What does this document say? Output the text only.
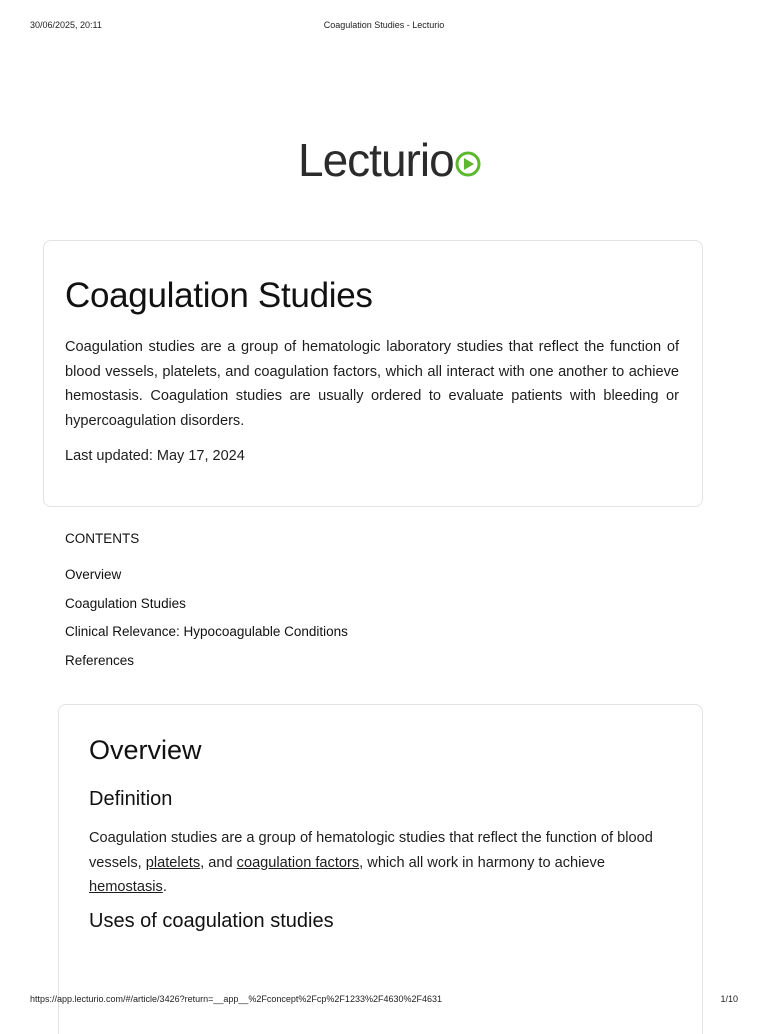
30/06/2025, 20:11	Coagulation Studies - Lecturio
Lecturio
Coagulation Studies

Coagulation studies are a group of hematologic laboratory studies that reflect the function of blood vessels, platelets, and coagulation factors, which all interact with one another to achieve hemostasis. Coagulation studies are usually ordered to evaluate patients with bleeding or hypercoagulation disorders.

Last updated: May 17, 2024

CONTENTS
Overview
Coagulation Studies
Clinical Relevance: Hypocoagulable Conditions
References
Overview
Definition

Coagulation studies are a group of hematologic studies that reflect the function of blood vessels, platelets, and coagulation factors, which all work in harmony to achieve hemostasis.

Uses of coagulation studies
https://app.lecturio.com/#/article/3426?return=__app__%2Fconcept%2Fcp%2F1233%2F4630%2F4631	1/10
